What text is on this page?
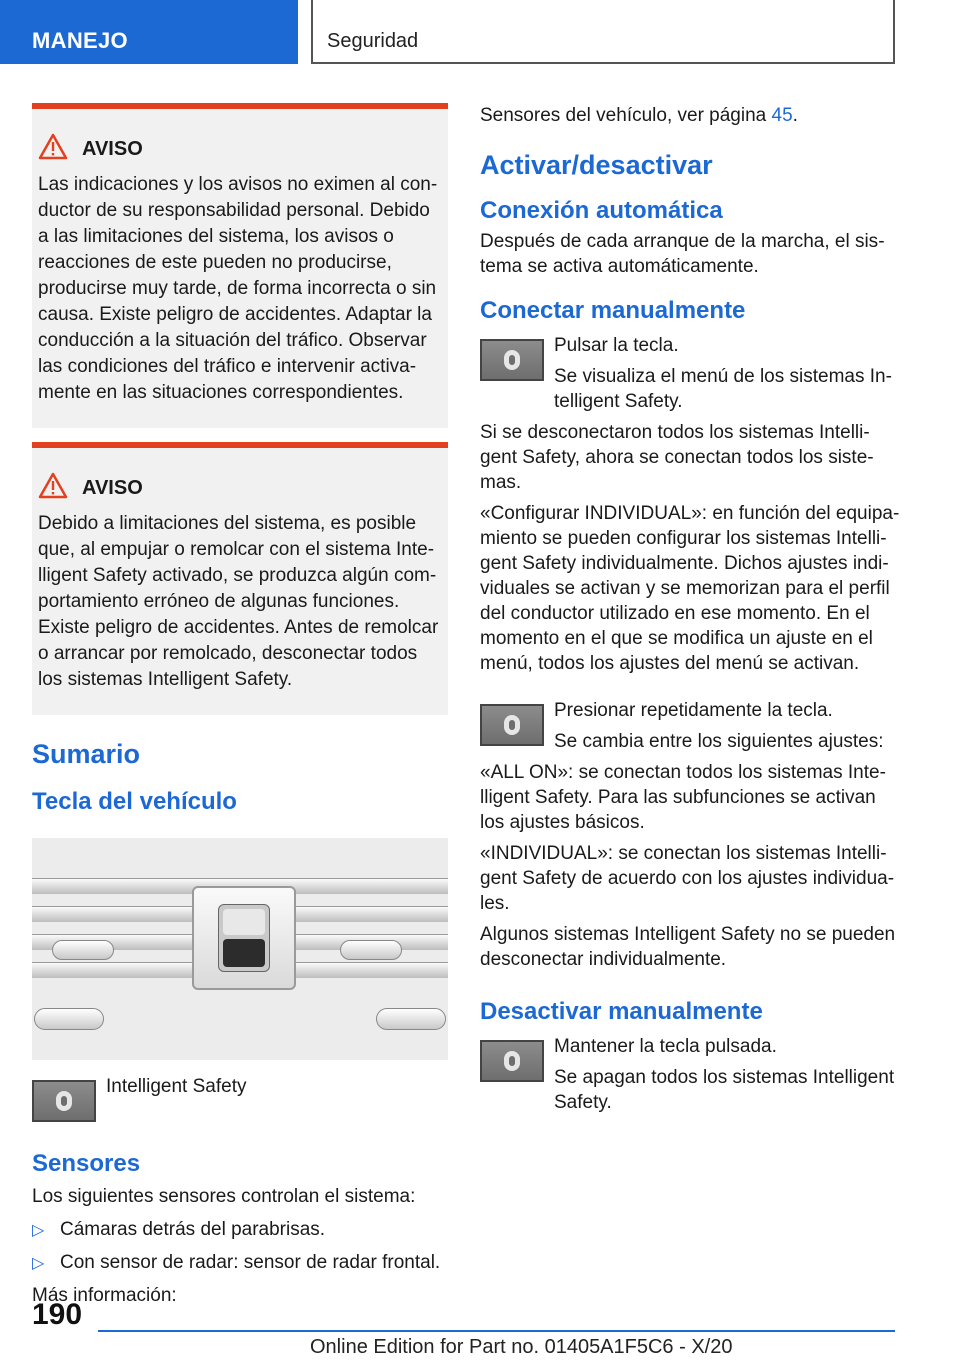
MANEJO	Seguridad
AVISO

Las indicaciones y los avisos no eximen al conductor de su responsabilidad personal. Debido a las limitaciones del sistema, los avisos o reacciones de este pueden no producirse, producirse muy tarde, de forma incorrecta o sin causa. Existe peligro de accidentes. Adaptar la conducción a la situación del tráfico. Observar las condiciones del tráfico e intervenir activamente en las situaciones correspondientes.

AVISO

Debido a limitaciones del sistema, es posible que, al empujar o remolcar con el sistema Intelligent Safety activado, se produzca algún comportamiento erróneo de algunas funciones. Existe peligro de accidentes. Antes de remolcar o arrancar por remolcado, desconectar todos los sistemas Intelligent Safety.

Sumario
Tecla del vehículo
Intelligent Safety
Sensores

Los siguientes sensores controlan el sistema:

▷ Cámaras detrás del parabrisas.
▷ Con sensor de radar: sensor de radar frontal.

Más información:

Sensores del vehículo, ver página 45.

Activar/desactivar
Conexión automática

Después de cada arranque de la marcha, el sistema se activa automáticamente.

Conectar manualmente
Pulsar la tecla.
Se visualiza el menú de los sistemas Intelligent Safety.

Si se desconectaron todos los sistemas Intelligent Safety, ahora se conectan todos los sistemas.

«Configurar INDIVIDUAL»: en función del equipamiento se pueden configurar los sistemas Intelligent Safety individualmente. Dichos ajustes individuales se activan y se memorizan para el perfil del conductor utilizado en ese momento. En el momento en el que se modifica un ajuste en el menú, todos los ajustes del menú se activan.

Presionar repetidamente la tecla.
Se cambia entre los siguientes ajustes:

«ALL ON»: se conectan todos los sistemas Intelligent Safety. Para las subfunciones se activan los ajustes básicos.

«INDIVIDUAL»: se conectan los sistemas Intelligent Safety de acuerdo con los ajustes individuales.

Algunos sistemas Intelligent Safety no se pueden desconectar individualmente.

Desactivar manualmente
Mantener la tecla pulsada.
Se apagan todos los sistemas Intelligent Safety.
190
Online Edition for Part no. 01405A1F5C6 - X/20
